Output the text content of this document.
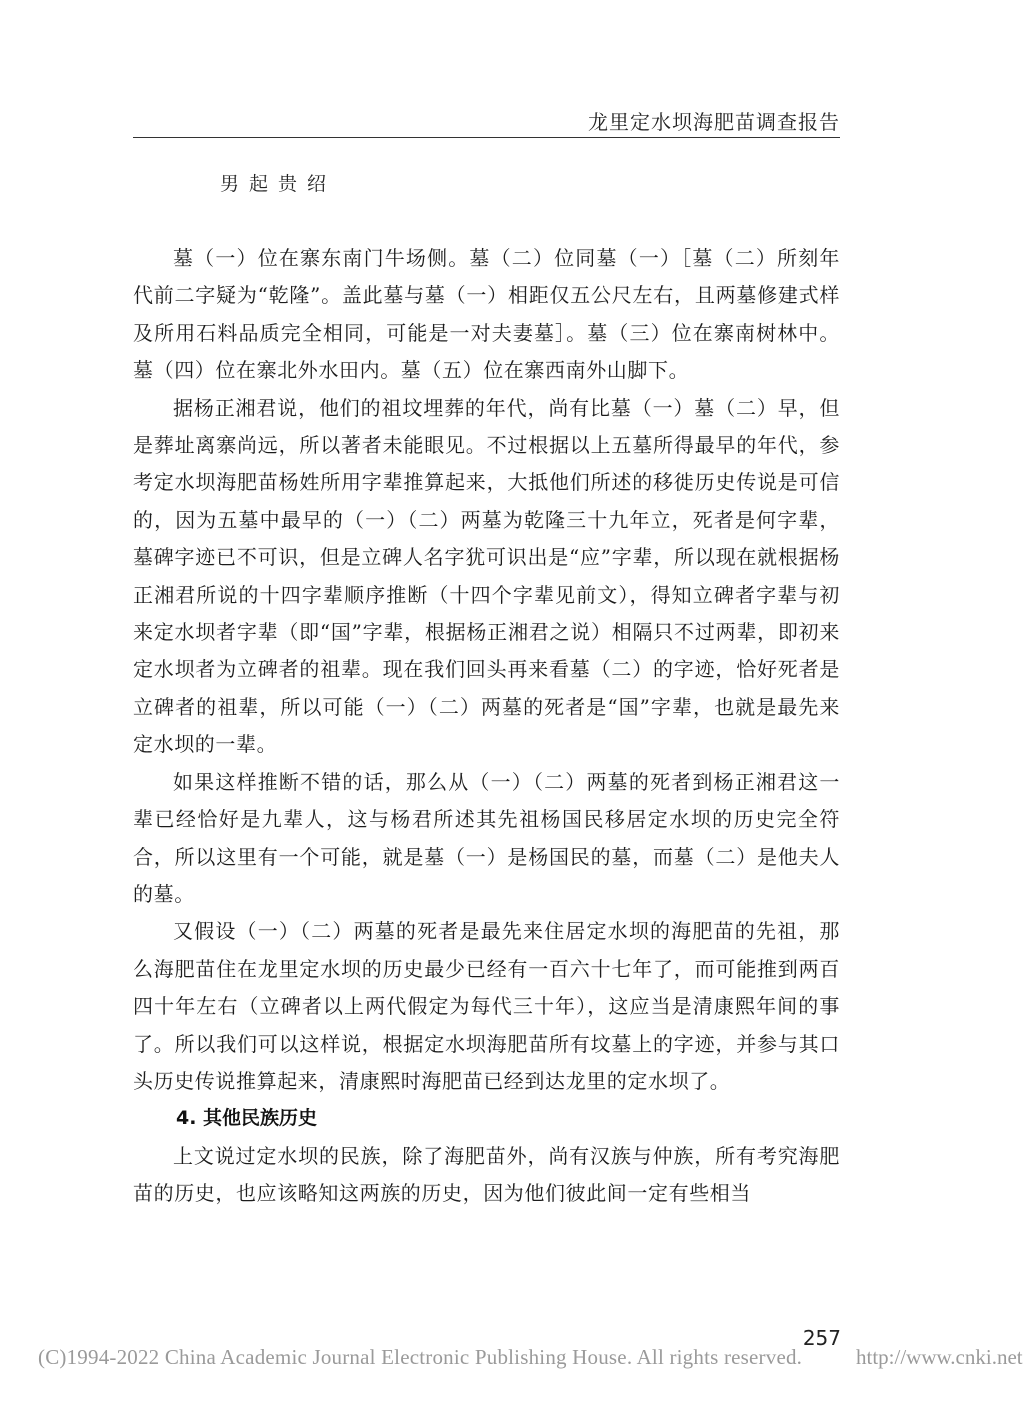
龙里定水坝海肥苗调查报告
男起贵绍

墓（一）位在寨东南门牛场侧。墓（二）位同墓（一）［墓（二）所刻年代前二字疑为“乾隆”。盖此墓与墓（一）相距仅五公尺左右，且两墓修建式样及所用石料品质完全相同，可能是一对夫妻墓］。墓（三）位在寨南树林中。墓（四）位在寨北外水田内。墓（五）位在寨西南外山脚下。

据杨正湘君说，他们的祖坟埋葬的年代，尚有比墓（一）墓（二）早，但是葬址离寨尚远，所以著者未能眼见。不过根据以上五墓所得最早的年代，参考定水坝海肥苗杨姓所用字辈推算起来，大抵他们所述的移徙历史传说是可信的，因为五墓中最早的（一）（二）两墓为乾隆三十九年立，死者是何字辈，墓碑字迹已不可识，但是立碑人名字犹可识出是“应”字辈，所以现在就根据杨正湘君所说的十四字辈顺序推断（十四个字辈见前文），得知立碑者字辈与初来定水坝者字辈（即“国”字辈，根据杨正湘君之说）相隔只不过两辈，即初来定水坝者为立碑者的祖辈。现在我们回头再来看墓（二）的字迹，恰好死者是立碑者的祖辈，所以可能（一）（二）两墓的死者是“国”字辈，也就是最先来定水坝的一辈。

如果这样推断不错的话，那么从（一）（二）两墓的死者到杨正湘君这一辈已经恰好是九辈人，这与杨君所述其先祖杨国民移居定水坝的历史完全符合，所以这里有一个可能，就是墓（一）是杨国民的墓，而墓（二）是他夫人的墓。

又假设（一）（二）两墓的死者是最先来住居定水坝的海肥苗的先祖，那么海肥苗住在龙里定水坝的历史最少已经有一百六十七年了，而可能推到两百四十年左右（立碑者以上两代假定为每代三十年），这应当是清康熙年间的事了。所以我们可以这样说，根据定水坝海肥苗所有坟墓上的字迹，并参与其口头历史传说推算起来，清康熙时海肥苗已经到达龙里的定水坝了。

4. 其他民族历史

上文说过定水坝的民族，除了海肥苗外，尚有汉族与仲族，所有考究海肥苗的历史，也应该略知这两族的历史，因为他们彼此间一定有些相当

257
(C)1994-2022 China Academic Journal Electronic Publishing House. All rights reserved.	http://www.cnki.net
